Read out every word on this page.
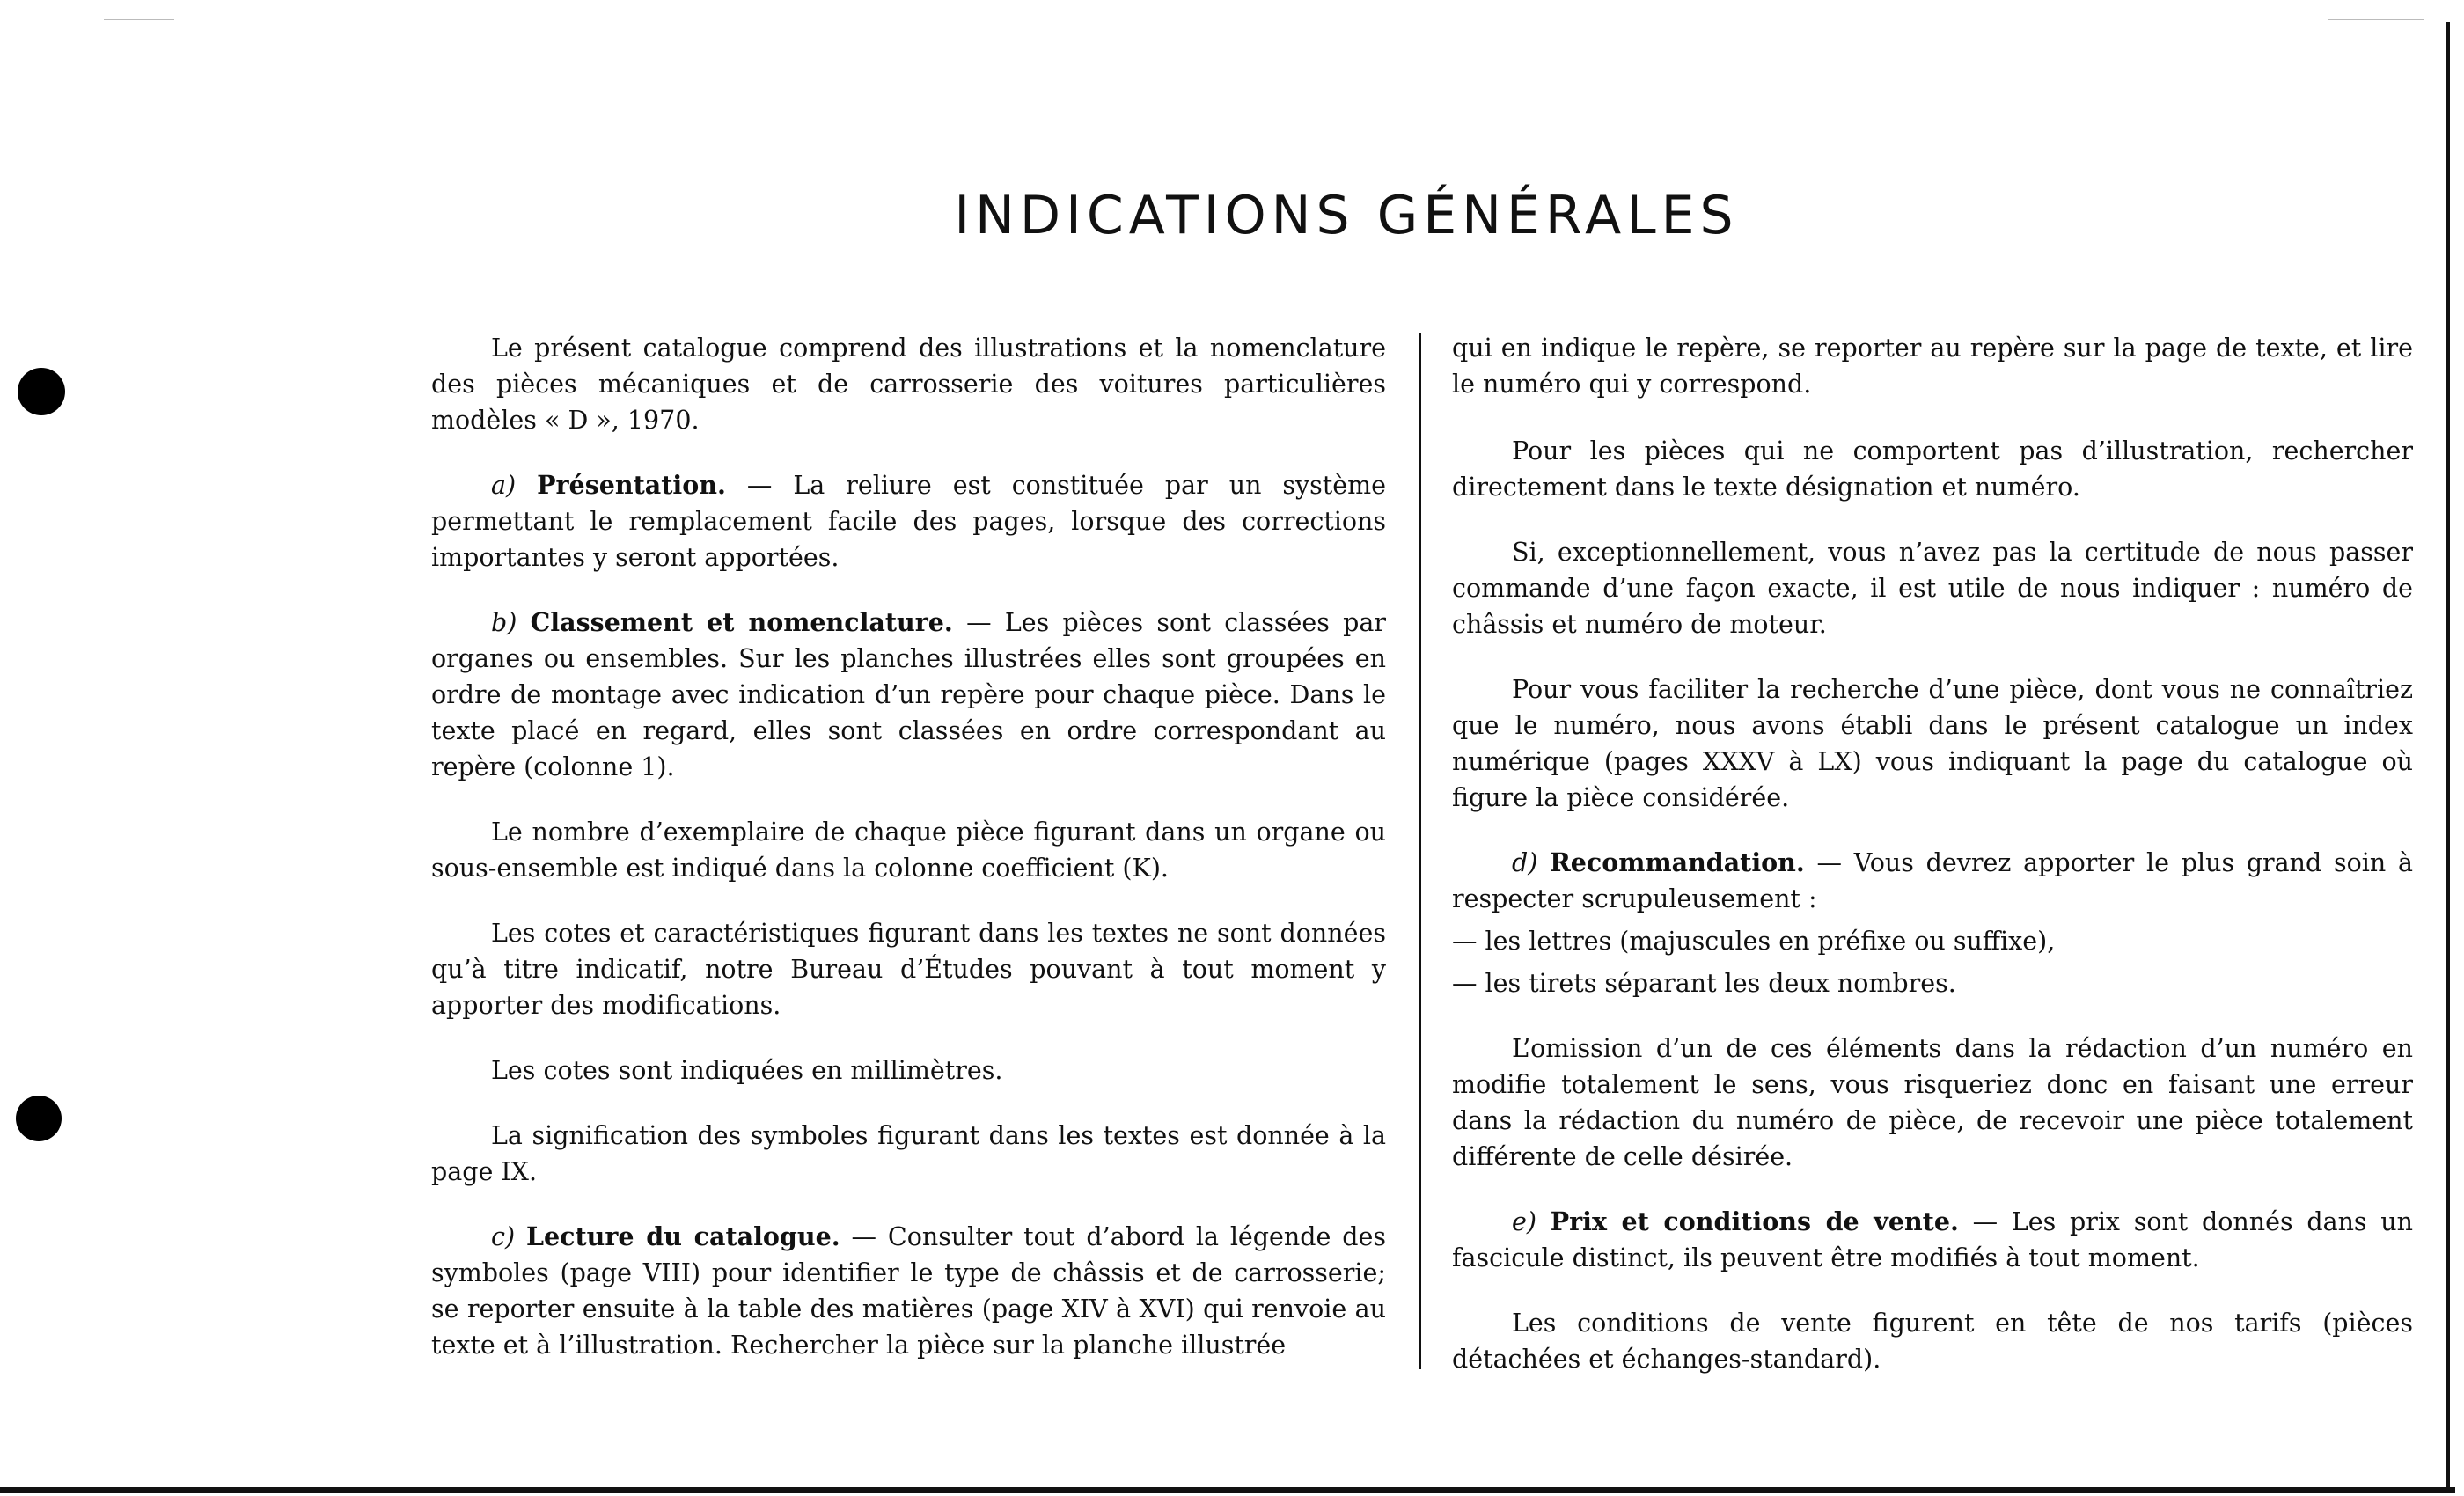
INDICATIONS GÉNÉRALES

Le présent catalogue comprend des illustrations et la nomenclature des pièces mécaniques et de carrosserie des voitures particulières modèles « D », 1970.

a) Présentation. — La reliure est constituée par un système permettant le remplacement facile des pages, lorsque des corrections importantes y seront apportées.

b) Classement et nomenclature. — Les pièces sont classées par organes ou ensembles. Sur les planches illustrées elles sont groupées en ordre de montage avec indication d’un repère pour chaque pièce. Dans le texte placé en regard, elles sont classées en ordre correspondant au repère (colonne 1).

Le nombre d’exemplaire de chaque pièce figurant dans un organe ou sous-ensemble est indiqué dans la colonne coefficient (K).

Les cotes et caractéristiques figurant dans les textes ne sont données qu’à titre indicatif, notre Bureau d’Études pouvant à tout moment y apporter des modifications.

Les cotes sont indiquées en millimètres.

La signification des symboles figurant dans les textes est donnée à la page IX.

c) Lecture du catalogue. — Consulter tout d’abord la légende des symboles (page VIII) pour identifier le type de châssis et de carrosserie; se reporter ensuite à la table des matières (page XIV à XVI) qui renvoie au texte et à l’illustration. Rechercher la pièce sur la planche illustrée

qui en indique le repère, se reporter au repère sur la page de texte, et lire le numéro qui y correspond.

Pour les pièces qui ne comportent pas d’illustration, rechercher directement dans le texte désignation et numéro.

Si, exceptionnellement, vous n’avez pas la certitude de nous passer commande d’une façon exacte, il est utile de nous indiquer : numéro de châssis et numéro de moteur.

Pour vous faciliter la recherche d’une pièce, dont vous ne connaîtriez que le numéro, nous avons établi dans le présent catalogue un index numérique (pages XXXV à LX) vous indiquant la page du catalogue où figure la pièce considérée.

d) Recommandation. — Vous devrez apporter le plus grand soin à respecter scrupuleusement :

— les lettres (majuscules en préfixe ou suffixe),

— les tirets séparant les deux nombres.

L’omission d’un de ces éléments dans la rédaction d’un numéro en modifie totalement le sens, vous risqueriez donc en faisant une erreur dans la rédaction du numéro de pièce, de recevoir une pièce totalement différente de celle désirée.

e) Prix et conditions de vente. — Les prix sont donnés dans un fascicule distinct, ils peuvent être modifiés à tout moment.

Les conditions de vente figurent en tête de nos tarifs (pièces détachées et échanges-standard).
